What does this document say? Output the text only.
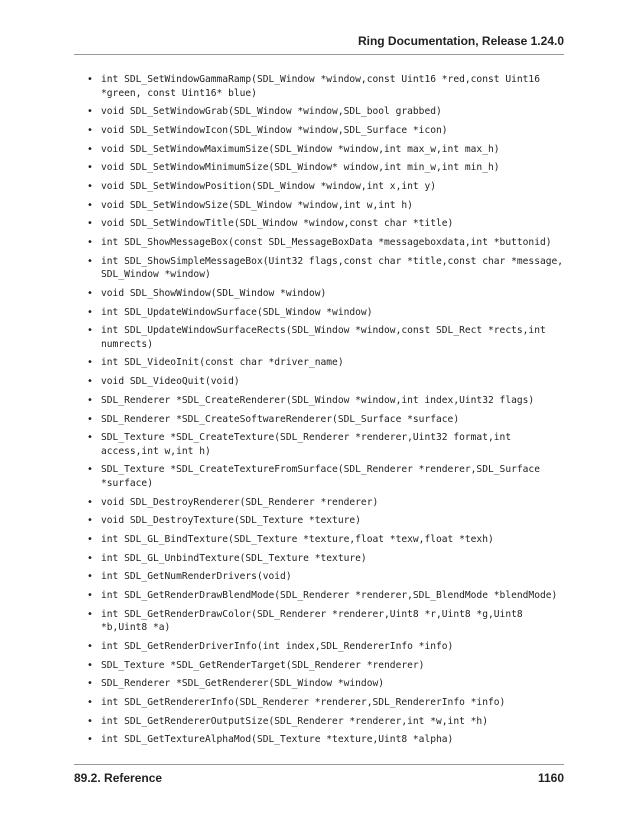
Ring Documentation, Release 1.24.0
• int SDL_SetWindowGammaRamp(SDL_Window *window,const Uint16 *red,const Uint16 *green, const Uint16* blue)
• void SDL_SetWindowGrab(SDL_Window *window,SDL_bool grabbed)
• void SDL_SetWindowIcon(SDL_Window *window,SDL_Surface *icon)
• void SDL_SetWindowMaximumSize(SDL_Window *window,int max_w,int max_h)
• void SDL_SetWindowMinimumSize(SDL_Window* window,int min_w,int min_h)
• void SDL_SetWindowPosition(SDL_Window *window,int x,int y)
• void SDL_SetWindowSize(SDL_Window *window,int w,int h)
• void SDL_SetWindowTitle(SDL_Window *window,const char *title)
• int SDL_ShowMessageBox(const SDL_MessageBoxData *messageboxdata,int *buttonid)
• int SDL_ShowSimpleMessageBox(Uint32 flags,const char *title,const char *message, SDL_Window *window)
• void SDL_ShowWindow(SDL_Window *window)
• int SDL_UpdateWindowSurface(SDL_Window *window)
• int SDL_UpdateWindowSurfaceRects(SDL_Window *window,const SDL_Rect *rects,int numrects)
• int SDL_VideoInit(const char *driver_name)
• void SDL_VideoQuit(void)
• SDL_Renderer *SDL_CreateRenderer(SDL_Window *window,int index,Uint32 flags)
• SDL_Renderer *SDL_CreateSoftwareRenderer(SDL_Surface *surface)
• SDL_Texture *SDL_CreateTexture(SDL_Renderer *renderer,Uint32 format,int access,int w,int h)
• SDL_Texture *SDL_CreateTextureFromSurface(SDL_Renderer *renderer,SDL_Surface *surface)
• void SDL_DestroyRenderer(SDL_Renderer *renderer)
• void SDL_DestroyTexture(SDL_Texture *texture)
• int SDL_GL_BindTexture(SDL_Texture *texture,float *texw,float *texh)
• int SDL_GL_UnbindTexture(SDL_Texture *texture)
• int SDL_GetNumRenderDrivers(void)
• int SDL_GetRenderDrawBlendMode(SDL_Renderer *renderer,SDL_BlendMode *blendMode)
• int SDL_GetRenderDrawColor(SDL_Renderer *renderer,Uint8 *r,Uint8 *g,Uint8 *b,Uint8 *a)
• int SDL_GetRenderDriverInfo(int index,SDL_RendererInfo *info)
• SDL_Texture *SDL_GetRenderTarget(SDL_Renderer *renderer)
• SDL_Renderer *SDL_GetRenderer(SDL_Window *window)
• int SDL_GetRendererInfo(SDL_Renderer *renderer,SDL_RendererInfo *info)
• int SDL_GetRendererOutputSize(SDL_Renderer *renderer,int *w,int *h)
• int SDL_GetTextureAlphaMod(SDL_Texture *texture,Uint8 *alpha)
89.2. Reference	1160
